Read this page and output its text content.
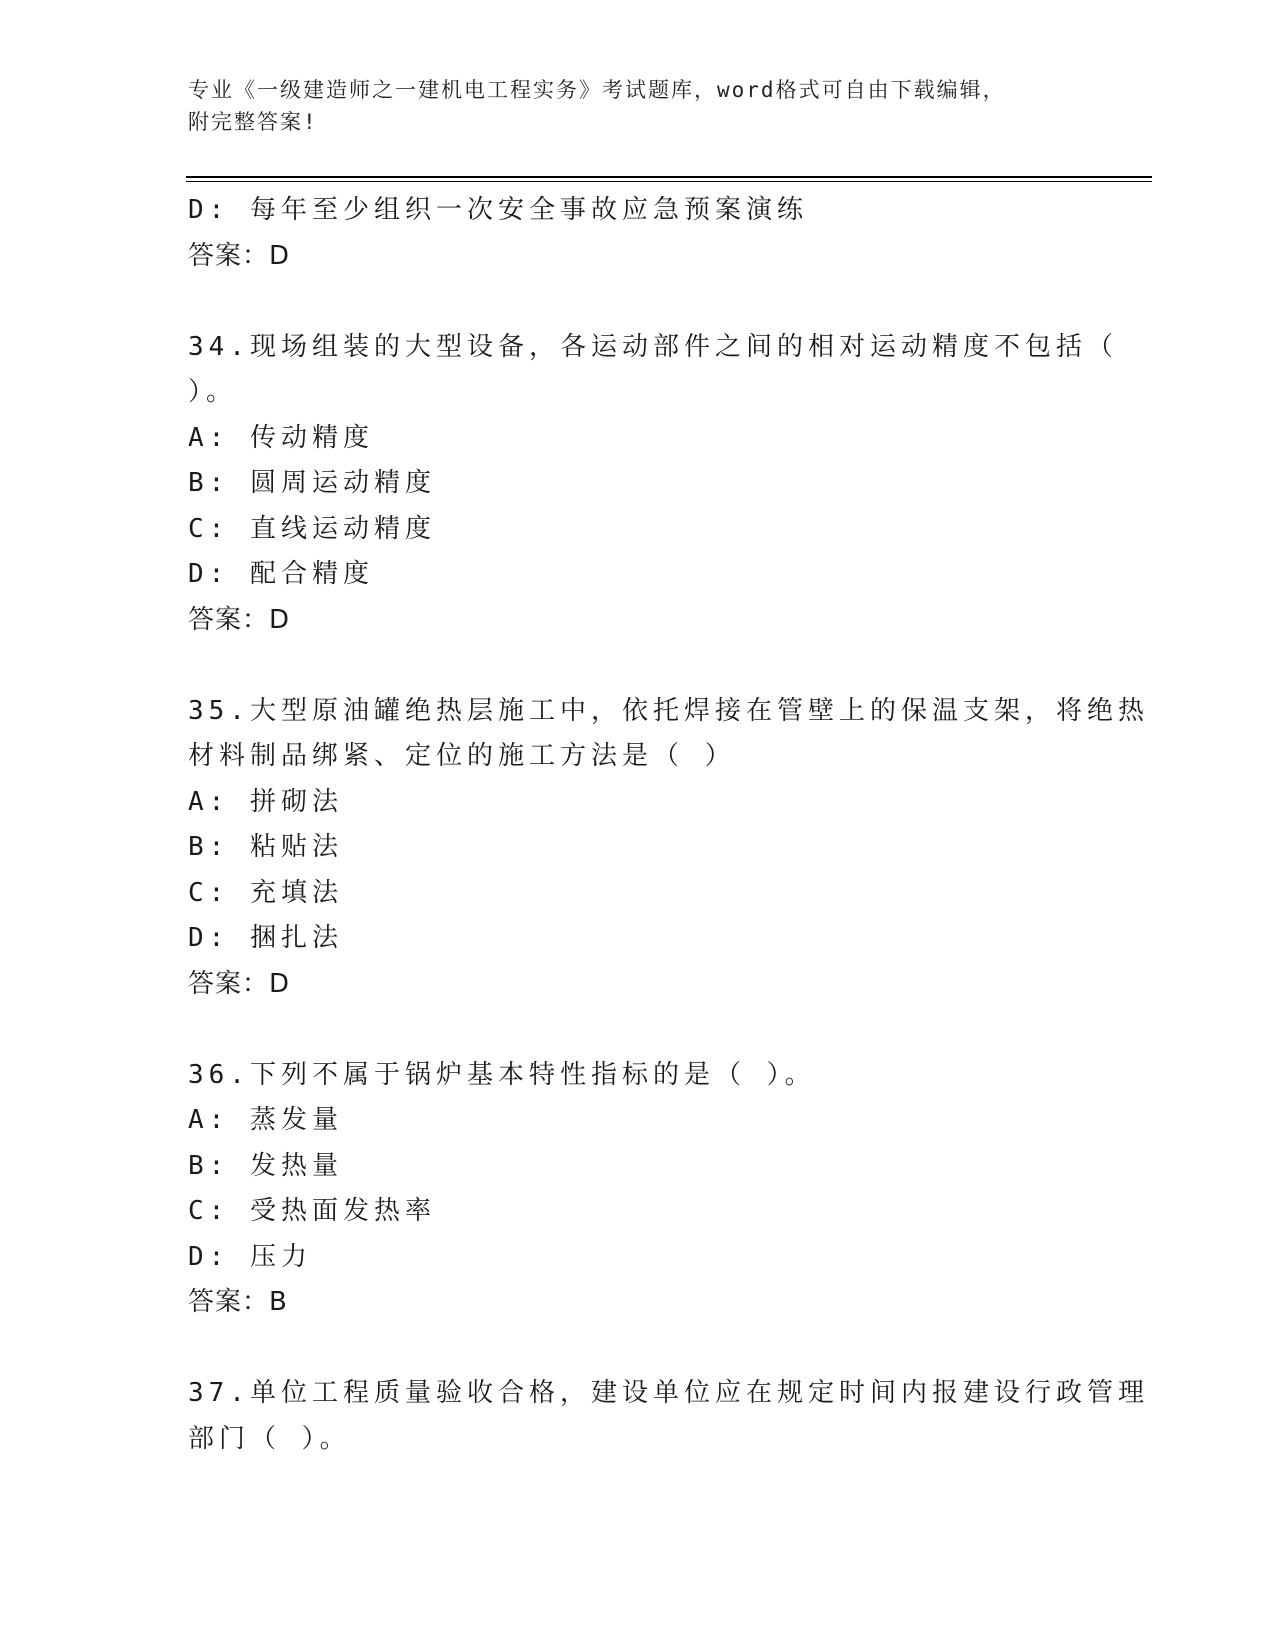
专业《一级建造师之一建机电工程实务》考试题库，word格式可自由下载编辑，
附完整答案!
D: 每年至少组织一次安全事故应急预案演练
答案：D
34.现场组装的大型设备，各运动部件之间的相对运动精度不包括（
）。
A: 传动精度
B: 圆周运动精度
C: 直线运动精度
D: 配合精度
答案：D
35.大型原油罐绝热层施工中，依托焊接在管壁上的保温支架，将绝热
材料制品绑紧、定位的施工方法是（ ）
A: 拼砌法
B: 粘贴法
C: 充填法
D: 捆扎法
答案：D
36.下列不属于锅炉基本特性指标的是（ ）。
A: 蒸发量
B: 发热量
C: 受热面发热率
D: 压力
答案：B
37.单位工程质量验收合格，建设单位应在规定时间内报建设行政管理
部门（ ）。
